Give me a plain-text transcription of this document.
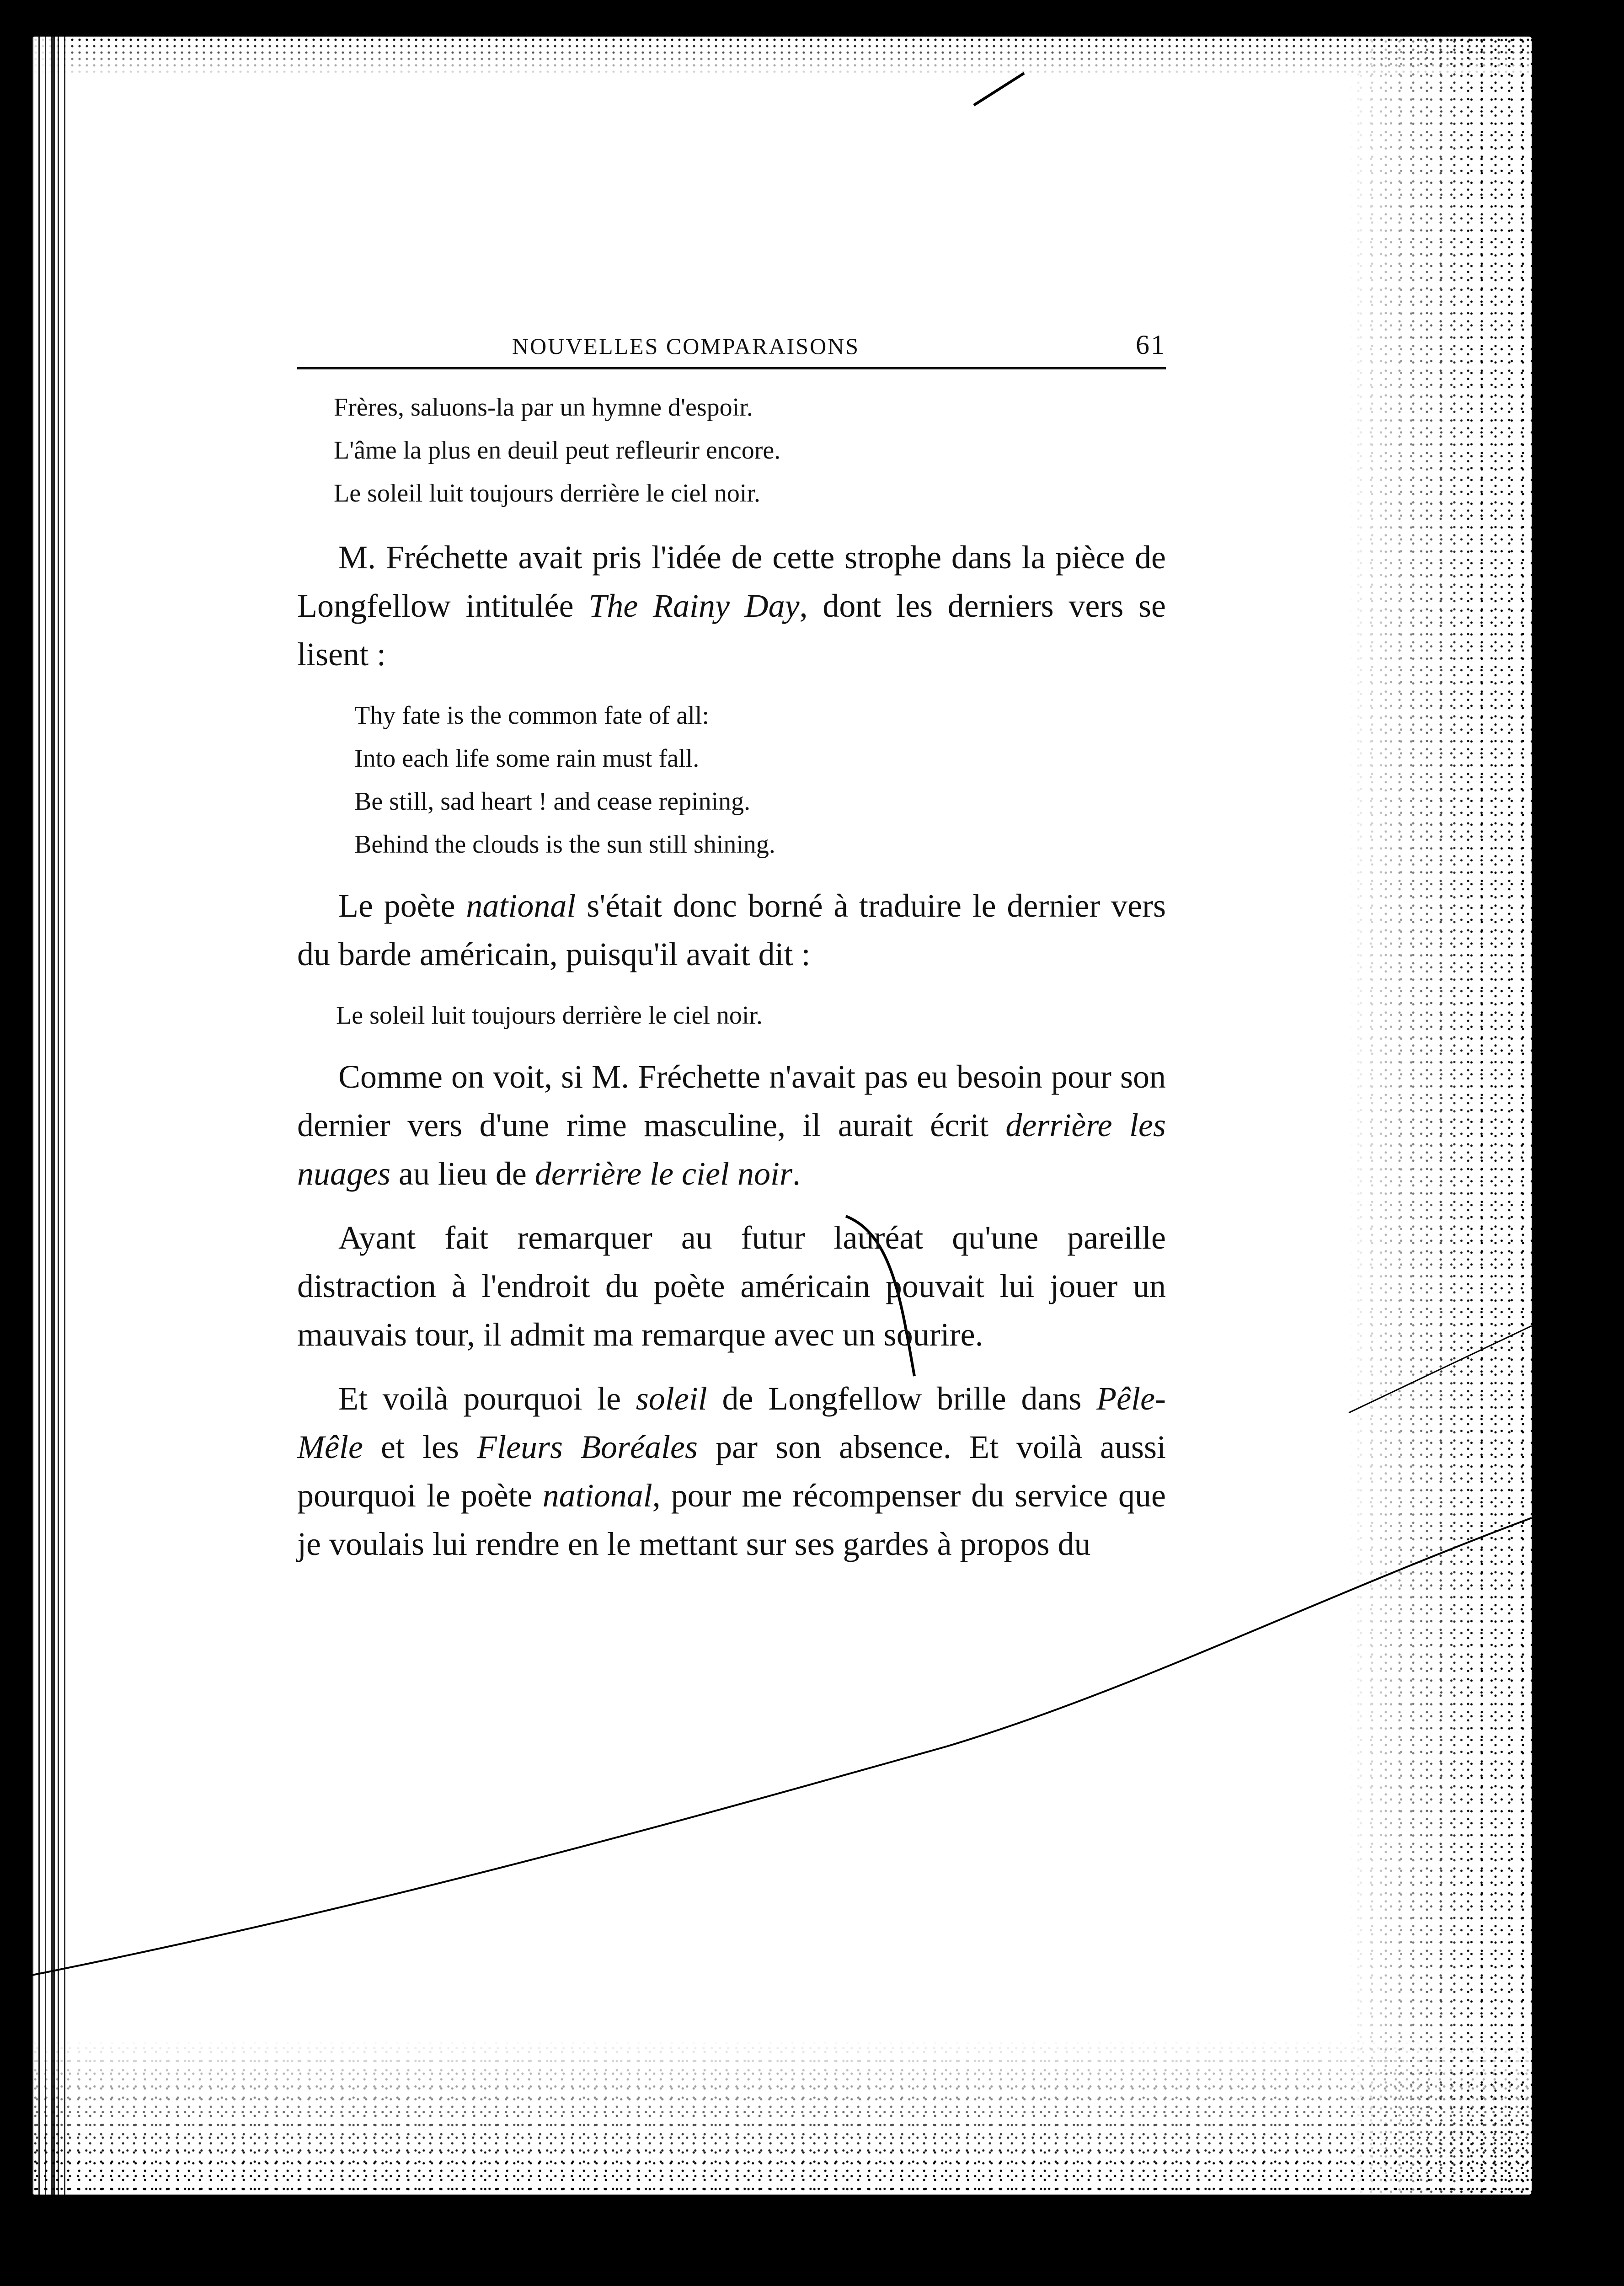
NOUVELLES COMPARAISONS	61
Frères, saluons-la par un hymne d'espoir.
L'âme la plus en deuil peut refleurir encore.
Le soleil luit toujours derrière le ciel noir.

M. Fréchette avait pris l'idée de cette strophe dans la pièce de Longfellow intitulée The Rainy Day, dont les derniers vers se lisent :

Thy fate is the common fate of all:
Into each life some rain must fall.
Be still, sad heart ! and cease repining.
Behind the clouds is the sun still shining.

Le poète national s'était donc borné à traduire le dernier vers du barde américain, puisqu'il avait dit :

Le soleil luit toujours derrière le ciel noir.

Comme on voit, si M. Fréchette n'avait pas eu besoin pour son dernier vers d'une rime masculine, il aurait écrit derrière les nuages au lieu de derrière le ciel noir.

Ayant fait remarquer au futur lauréat qu'une pareille distraction à l'endroit du poète américain pouvait lui jouer un mauvais tour, il admit ma remarque avec un sourire.

Et voilà pourquoi le soleil de Longfellow brille dans Pêle-Mêle et les Fleurs Boréales par son absence. Et voilà aussi pourquoi le poète national, pour me récompenser du service que je voulais lui rendre en le mettant sur ses gardes à propos du
